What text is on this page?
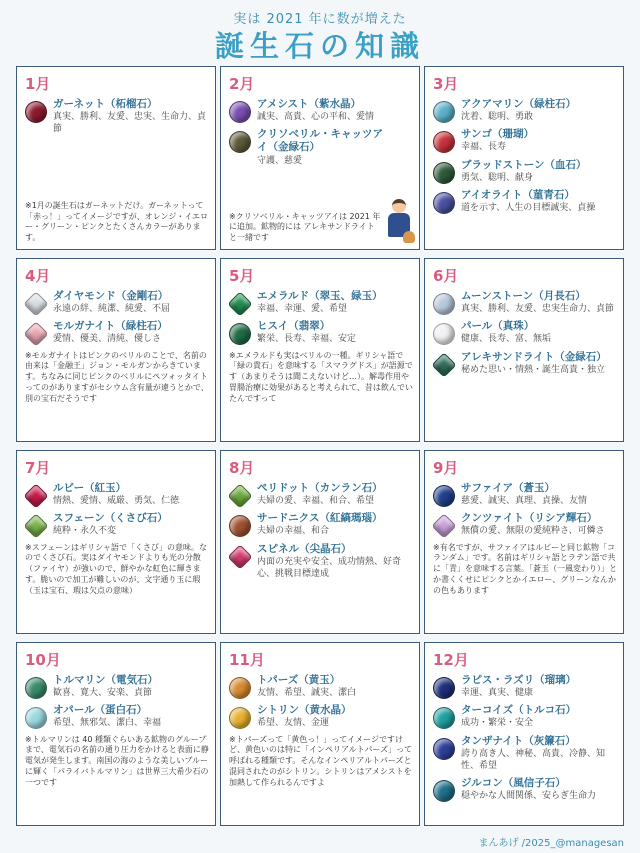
実は 2021 年に数が増えた
誕生石の知識
1月
ガーネット（柘榴石）
真実、勝利、友愛、忠実、生命力、貞節
※1月の誕生石はガーネットだけ。ガーネットって「赤っ！」ってイメージですが、オレンジ・イエロー・グリーン・ピンクとたくさんカラーがあります。
2月
アメシスト（紫水晶）
誠実、高貴、心の平和、愛情
クリソベリル・キャッツアイ（金緑石）
守護、慈愛
※クリソベリル・キャッツアイは 2021 年に追加。鉱物的には アレキサンドライトと一緒です
3月
アクアマリン（緑柱石）
沈着、聡明、勇敢
サンゴ（珊瑚）
幸福、長寿
ブラッドストーン（血石）
勇気、聡明、献身
アイオライト（菫青石）
道を示す、人生の目標誠実、貞操
4月
ダイヤモンド（金剛石）
永遠の絆、純潔、純愛、不屈
モルガナイト（緑柱石）
愛情、優美、清純、優しさ
※モルガナイトはピンクのベリルのことで、名前の由来は「金融王」ジョン・モルガンからきています。ちなみに同じピンクのベリルにペツォッタイトってのがありますがセシウム含有量が違うとかで、別の宝石だそうです
5月
エメラルド（翠玉、緑玉）
幸福、幸運、愛、希望
ヒスイ（翡翠）
繁栄、長寿、幸福、安定
※エメラルドも実はベリルの一種。ギリシャ語で「緑の貴石」を意味する「スマラグドス」が語源です（あまりそうは聞こえないけど…）。解毒作用や胃腸治療に効果があると考えられて、昔は飲んでいたんですって
6月
ムーンストーン（月長石）
真実、勝利、友愛、忠実生命力、貞節
パール（真珠）
健康、長寿、富、無垢
アレキサンドライト（金緑石）
秘めた思い・情熱・誕生高貴・独立
7月
ルビー（紅玉）
情熱、愛情、威厳、勇気、仁徳
スフェーン（くさび石）
純粋・永久不変
※スフェーンはギリシャ語で「くさび」の意味。なのでくさび石。実はダイヤモンドよりも光の分散（ファイヤ）が強いので、鮮やかな虹色に輝きます。脆いので加工が難しいのが、文字通り玉に瑕（玉は宝石、瑕は欠点の意味）
8月
ペリドット（カンラン石）
夫婦の愛、幸福、和合、希望
サードニクス（紅縞瑪瑙）
夫婦の幸福、和合
スピネル（尖晶石）
内面の充実や安全、成功情熱、好奇心、挑戦目標達成
9月
サファイア（蒼玉）
慈愛、誠実、真理、貞操、友情
クンツァイト（リシア輝石）
無償の愛、無限の愛純粋さ、可憐さ
※有名ですが、サファイアはルビーと同じ鉱物「コランダム」です。名前はギリシャ語とラテン語で共に「青」を意味する言葉。「蒼玉（一風変わり）」とか書くくせにピンクとかイエロー、グリーンなんかの色もあります
10月
トルマリン（電気石）
歓喜、寛大、安楽、貞節
オパール（蛋白石）
希望、無邪気、潔白、幸福
※トルマリンは 40 種類ぐらいある鉱物のグループまで、電気石の名前の通り圧力をかけると表面に静電気が発生します。南国の海のような美しいブルーに輝く「パライバトルマリン」は世界三大希少石の一つです
11月
トパーズ（黄玉）
友情、希望、誠実、潔白
シトリン（黄水晶）
希望、友情、金運
※トパーズって「黄色っ！」ってイメージですけど、黄色いのは特に「インペリアルトパーズ」って呼ばれる種類です。そんなインペリアルトパーズと混同されたのがシトリン。シトリンはアメシストを加熱して作られるんですよ
12月
ラピス・ラズリ（瑠璃）
幸運、真実、健康
ターコイズ（トルコ石）
成功・繁栄・安全
タンザナイト（灰簾石）
誇り高き人、神秘、高貴、冷静、知性、希望
ジルコン（風信子石）
穏やかな人間関係、安らぎ生命力
まんあげ /2025_@managesan
